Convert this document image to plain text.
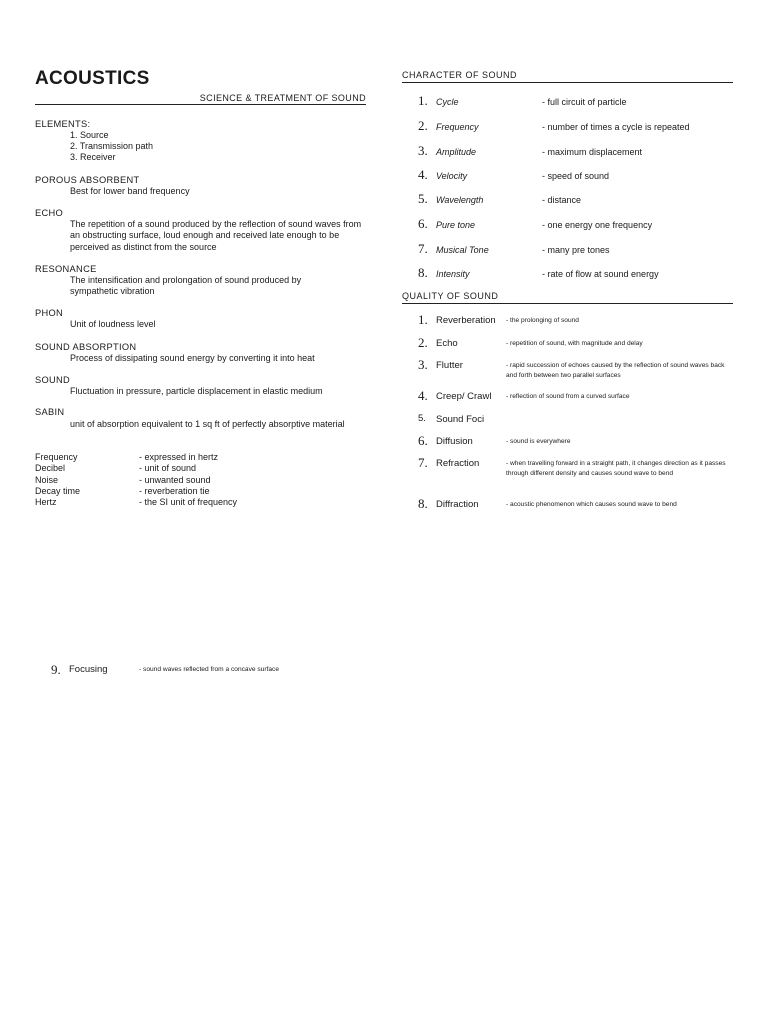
ACOUSTICS
SCIENCE & TREATMENT OF SOUND
ELEMENTS:
1. Source
2. Transmission path
3. Receiver
POROUS ABSORBENT
Best for lower band frequency
ECHO
The repetition of a sound produced by the reflection of sound waves from an obstructing surface, loud enough and received late enough to be perceived as distinct from the source
RESONANCE
The intensification and prolongation of sound produced by sympathetic vibration
PHON
Unit of loudness level
SOUND ABSORPTION
Process of dissipating sound energy by converting it into heat
SOUND
Fluctuation in pressure, particle displacement in elastic medium
SABIN
unit of absorption equivalent to 1 sq ft of perfectly absorptive material
Frequency	- expressed in hertz
Decibel	- unit of sound
Noise	- unwanted sound
Decay time	- reverberation tie
Hertz	- the SI unit of frequency
CHARACTER OF SOUND
1. Cycle	- full circuit of particle
2. Frequency	- number of times a cycle is repeated
3. Amplitude	- maximum displacement
4. Velocity	- speed of sound
5. Wavelength	- distance
6. Pure tone	- one energy one frequency
7. Musical Tone	- many pre tones
8. Intensity	- rate of flow at sound energy
QUALITY OF SOUND
1. Reverberation	- the prolonging of sound
2. Echo	- repetition of sound, with magnitude and delay
3. Flutter	- rapid succession of echoes caused by the reflection of sound waves back and forth between two parallel surfaces
4. Creep/ Crawl	- reflection of sound from a curved surface
5.	Sound Foci
6. Diffusion	- sound is everywhere
7. Refraction	- when travelling forward in a straight path, it changes direction as it passes through different density and causes sound wave to bend
8. Diffraction	- acoustic phenomenon which causes sound wave to bend
9. Focusing	- sound waves reflected from a concave surface
